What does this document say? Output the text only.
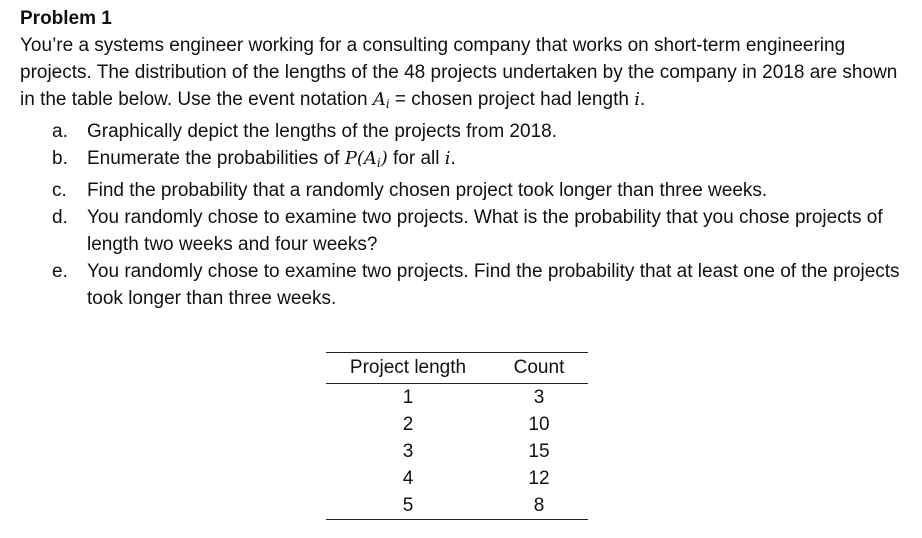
Problem 1

You’re a systems engineer working for a consulting company that works on short-term engineering projects. The distribution of the lengths of the 48 projects undertaken by the company in 2018 are shown in the table below. Use the event notation $A_i$ = chosen project had length i.

a. Graphically depict the lengths of the projects from 2018.
b. Enumerate the probabilities of $P(A_i)$ for all i.
c. Find the probability that a randomly chosen project took longer than three weeks.
d. You randomly chose to examine two projects. What is the probability that you chose projects of length two weeks and four weeks?
e. You randomly chose to examine two projects. Find the probability that at least one of the projects took longer than three weeks.
Project length	Count
1	3
2	10
3	15
4	12
5	8
